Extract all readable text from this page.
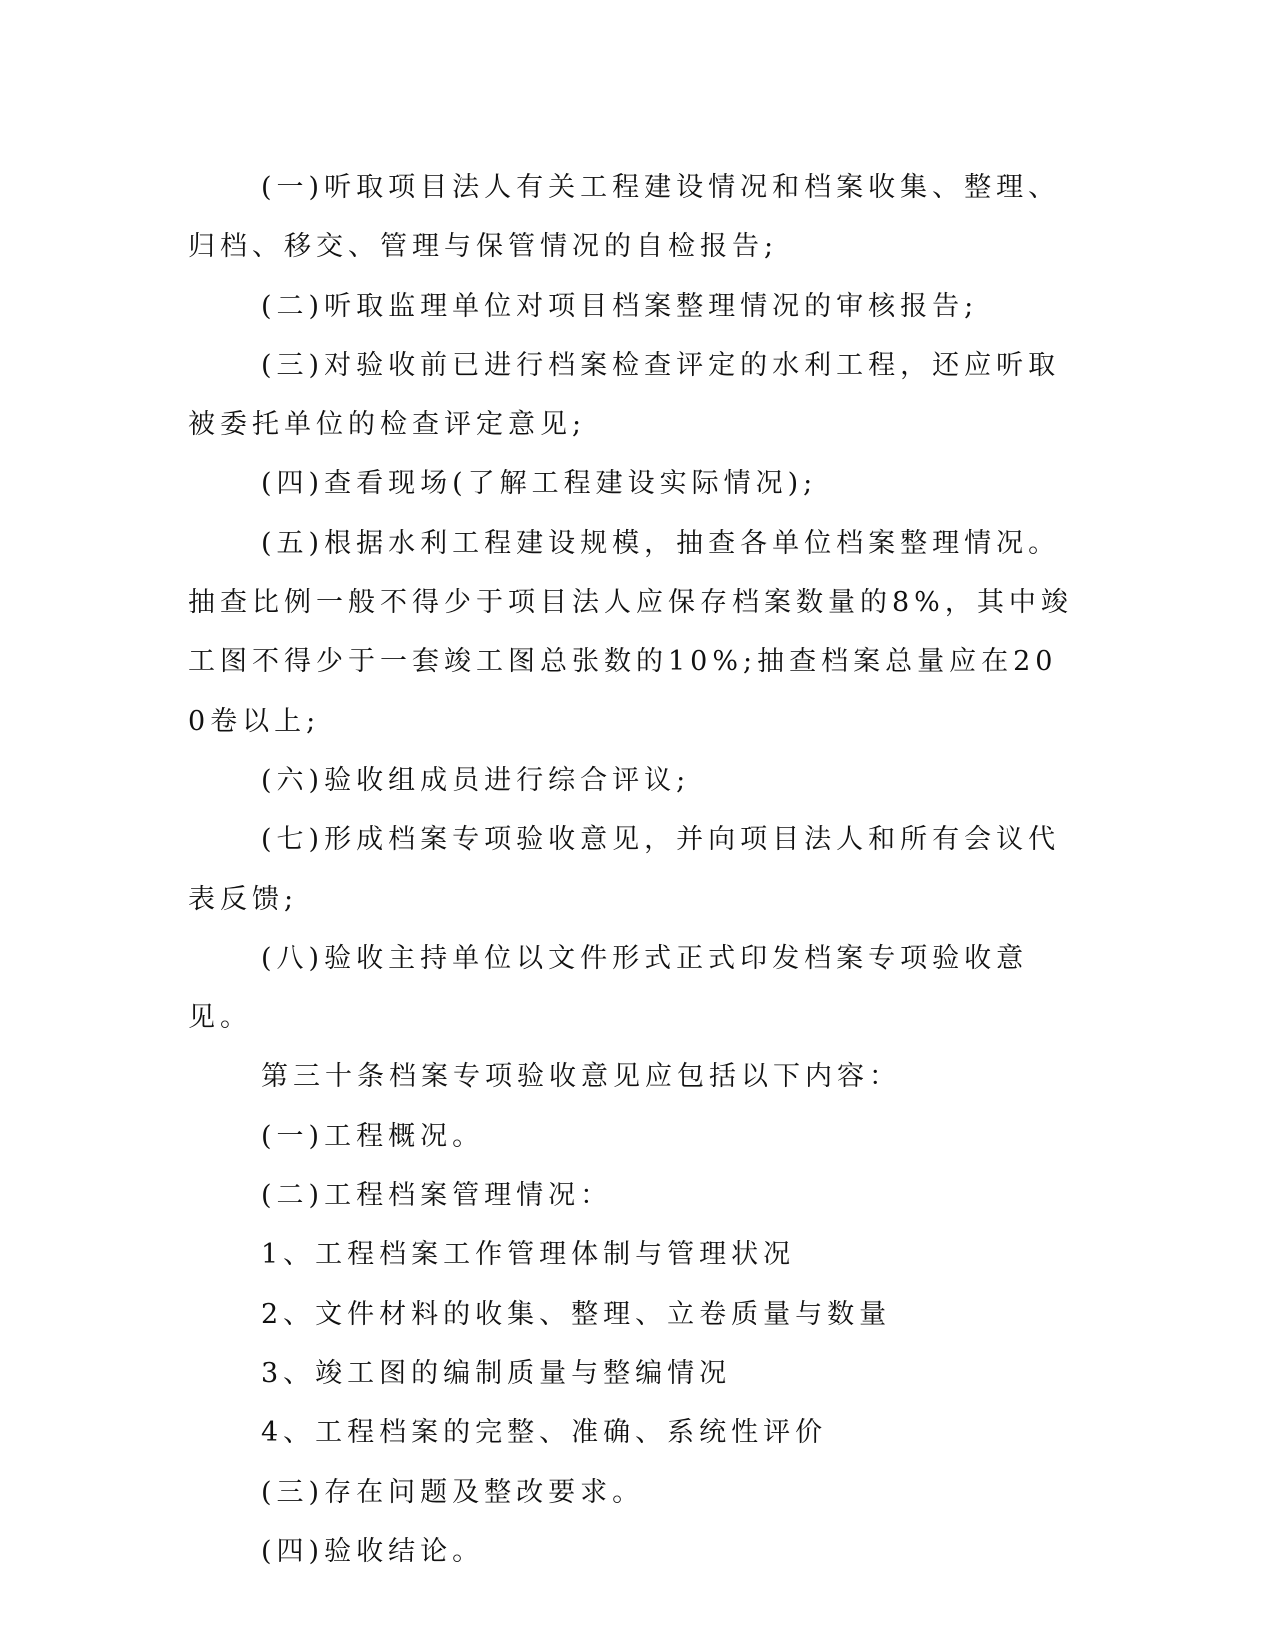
(一)听取项目法人有关工程建设情况和档案收集、整理、归档、移交、管理与保管情况的自检报告;

(二)听取监理单位对项目档案整理情况的审核报告;

(三)对验收前已进行档案检查评定的水利工程，还应听取被委托单位的检查评定意见;

(四)查看现场(了解工程建设实际情况);

(五)根据水利工程建设规模，抽查各单位档案整理情况。抽查比例一般不得少于项目法人应保存档案数量的8%，其中竣工图不得少于一套竣工图总张数的10%;抽查档案总量应在200卷以上;

(六)验收组成员进行综合评议;

(七)形成档案专项验收意见，并向项目法人和所有会议代表反馈;

(八)验收主持单位以文件形式正式印发档案专项验收意见。

第三十条档案专项验收意见应包括以下内容：

(一)工程概况。

(二)工程档案管理情况：

1、工程档案工作管理体制与管理状况

2、文件材料的收集、整理、立卷质量与数量

3、竣工图的编制质量与整编情况

4、工程档案的完整、准确、系统性评价

(三)存在问题及整改要求。

(四)验收结论。
